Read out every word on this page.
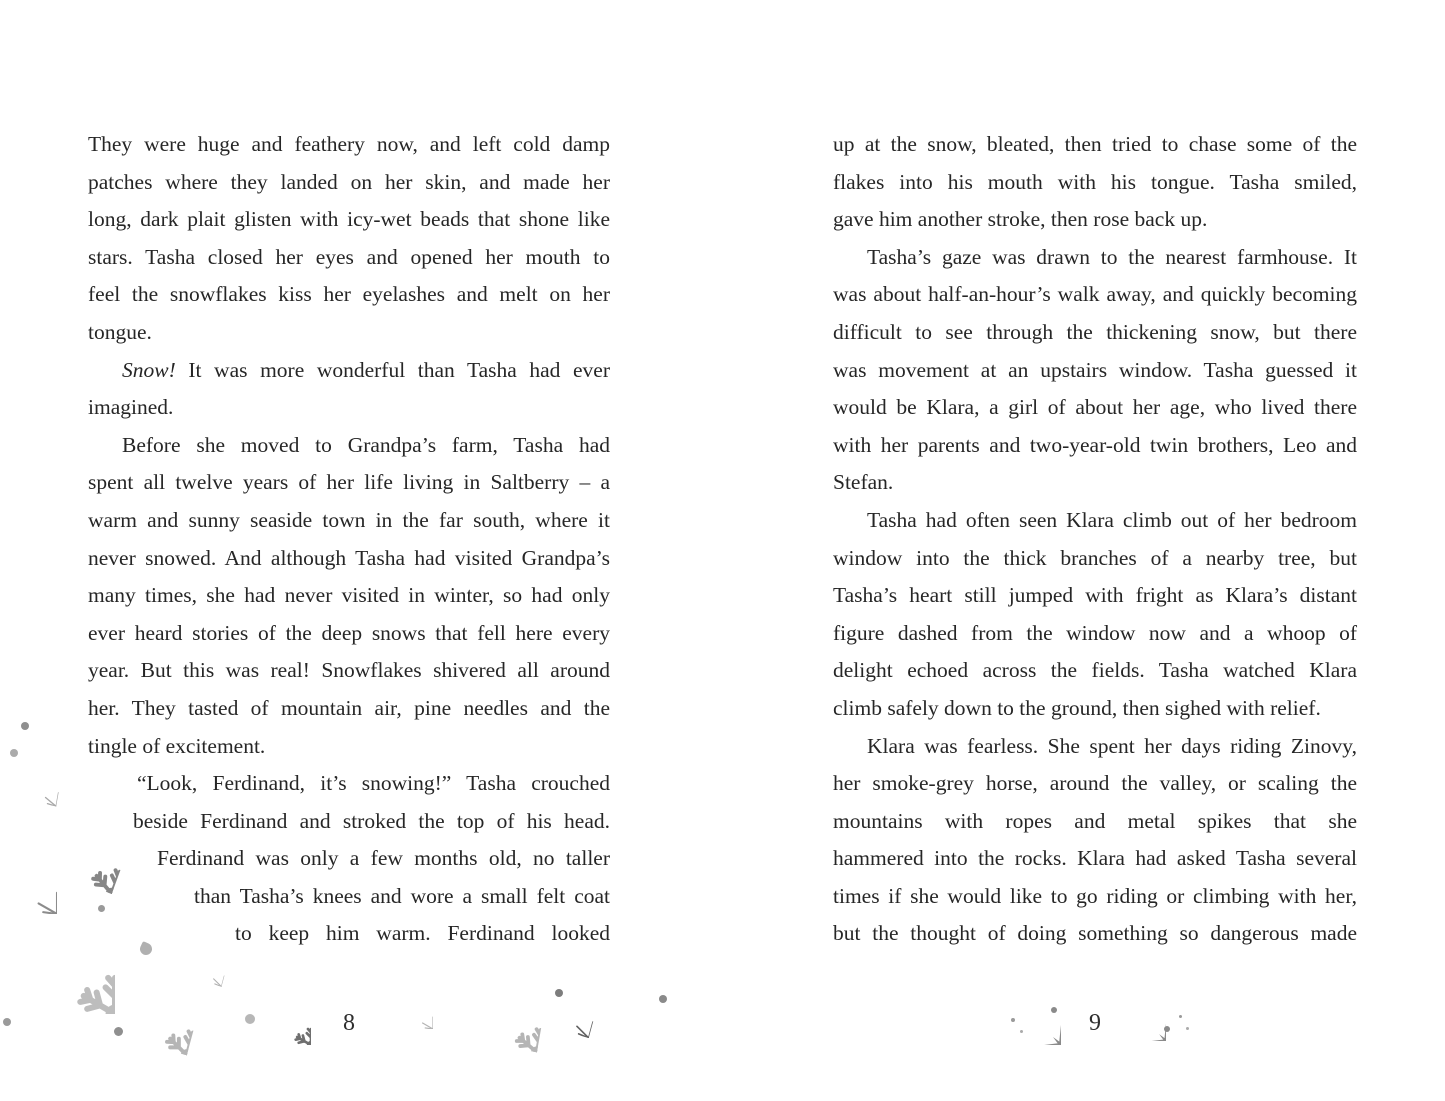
They were huge and feathery now, and left cold damp
patches where they landed on her skin, and made her
long, dark plait glisten with icy-wet beads that shone like
stars. Tasha closed her eyes and opened her mouth to
feel the snowflakes kiss her eyelashes and melt on her
tongue.
Snow! It was more wonderful than Tasha had ever
imagined.
Before she moved to Grandpa’s farm, Tasha had
spent all twelve years of her life living in Saltberry – a
warm and sunny seaside town in the far south, where it
never snowed. And although Tasha had visited Grandpa’s
many times, she had never visited in winter, so had only
ever heard stories of the deep snows that fell here every
year. But this was real! Snowflakes shivered all around
her. They tasted of mountain air, pine needles and the
tingle of excitement.
“Look, Ferdinand, it’s snowing!” Tasha crouched
beside Ferdinand and stroked the top of his head.
Ferdinand was only a few months old, no taller
than Tasha’s knees and wore a small felt coat
to keep him warm. Ferdinand looked
8
up at the snow, bleated, then tried to chase some of the
flakes into his mouth with his tongue. Tasha smiled,
gave him another stroke, then rose back up.
Tasha’s gaze was drawn to the nearest farmhouse. It
was about half-an-hour’s walk away, and quickly becoming
difficult to see through the thickening snow, but there
was movement at an upstairs window. Tasha guessed it
would be Klara, a girl of about her age, who lived there
with her parents and two-year-old twin brothers, Leo and
Stefan.
Tasha had often seen Klara climb out of her bedroom
window into the thick branches of a nearby tree, but
Tasha’s heart still jumped with fright as Klara’s distant
figure dashed from the window now and a whoop of
delight echoed across the fields. Tasha watched Klara
climb safely down to the ground, then sighed with relief.
Klara was fearless. She spent her days riding Zinovy,
her smoke-grey horse, around the valley, or scaling the
mountains with ropes and metal spikes that she
hammered into the rocks. Klara had asked Tasha several
times if she would like to go riding or climbing with her,
but the thought of doing something so dangerous made
9
